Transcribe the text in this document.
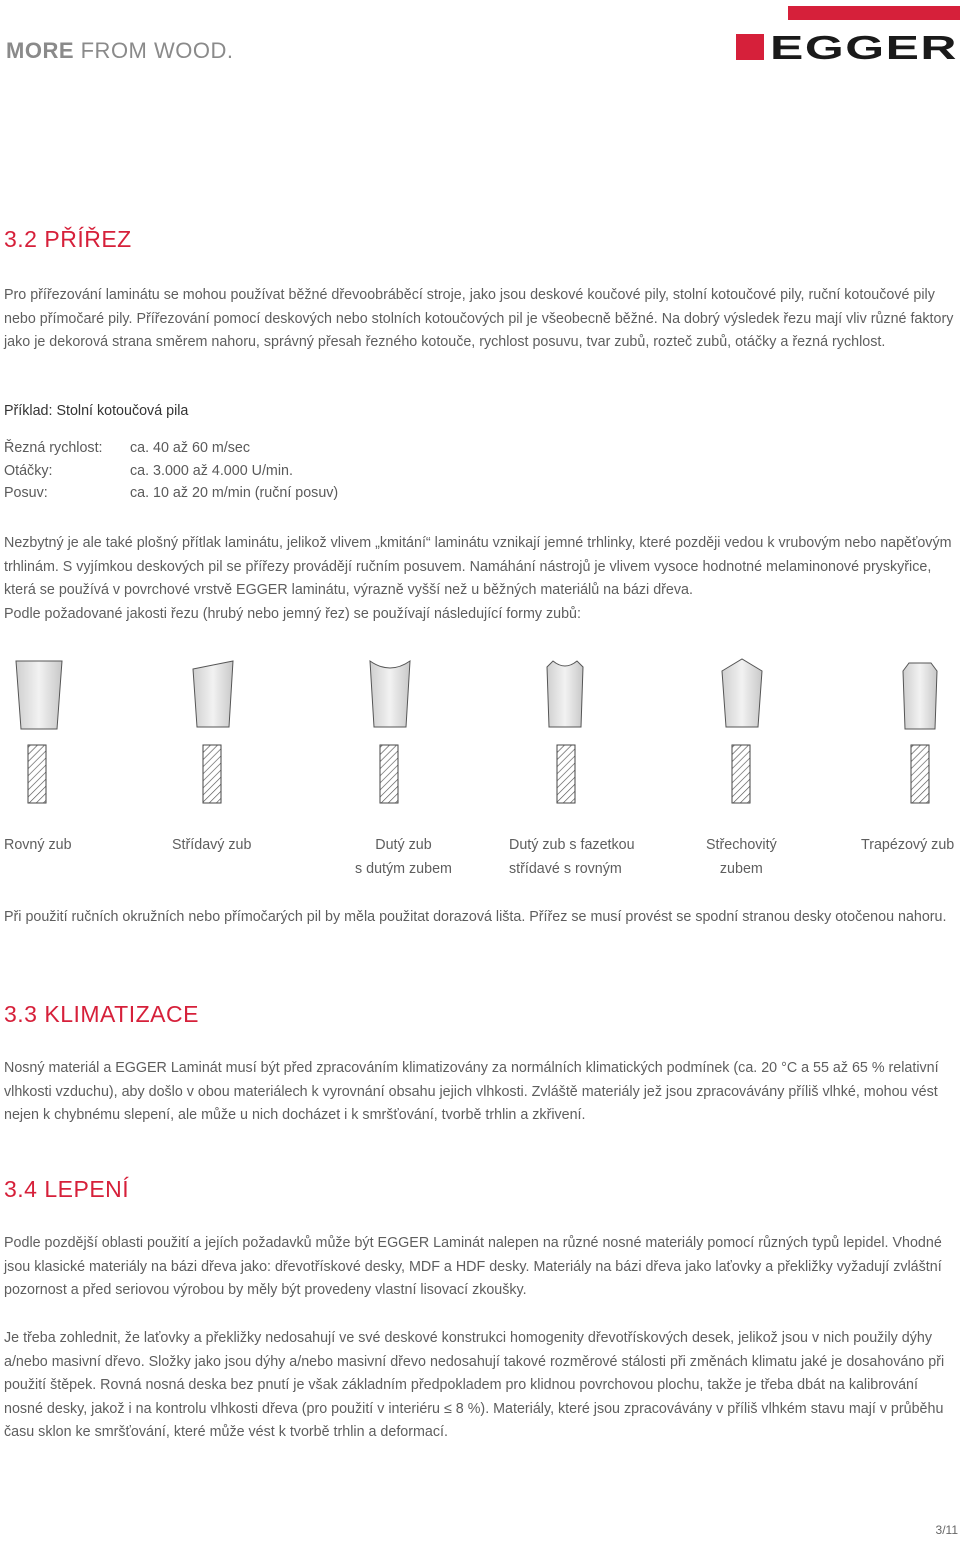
MORE FROM WOOD.	EGGER
3.2 PŘÍŘEZ

Pro přířezování laminátu se mohou používat běžné dřevoobráběcí stroje, jako jsou deskové koučové pily, stolní kotoučové pily, ruční kotoučové pily nebo přímočaré pily. Přířezování pomocí deskových nebo stolních kotoučových pil je všeobecně běžné. Na dobrý výsledek řezu mají vliv různé faktory jako je dekorová strana směrem nahoru, správný přesah řezného kotouče, rychlost posuvu, tvar zubů, rozteč zubů, otáčky a řezná rychlost.

Příklad: Stolní kotoučová pila
Řezná rychlost: ca. 40 až 60 m/sec
Otáčky:	ca. 3.000 až 4.000 U/min.
Posuv:	ca. 10 až 20 m/min (ruční posuv)

Nezbytný je ale také plošný přítlak laminátu, jelikož vlivem „kmitání“ laminátu vznikají jemné trhlinky, které později vedou k vrubovým nebo napěťovým trhlinám. S vyjímkou deskových pil se přířezy provádějí ručním posuvem. Namáhání nástrojů je vlivem vysoce hodnotné melaminonové pryskyřice, která se používá v povrchové vrstvě EGGER laminátu, výrazně vyšší než u běžných materiálů na bázi dřeva.

Podle požadované jakosti řezu (hrubý nebo jemný řez) se používají následující formy zubů:

Rovný zub	Střídavý zub	Dutý zub
s dutým zubem
Dutý zub s fazetkou
střídavé s rovným
Střechovitý
zubem
Trapézový zub

Při použití ručních okružních nebo přímočarých pil by měla použitat dorazová lišta. Přířez se musí provést se spodní stranou desky otočenou nahoru.

3.3 KLIMATIZACE

Nosný materiál a EGGER Laminát musí být před zpracováním klimatizovány za normálních klimatických podmínek (ca. 20 °C a 55 až 65 % relativní vlhkosti vzduchu), aby došlo v obou materiálech k vyrovnání obsahu jejich vlhkosti. Zvláště materiály jež jsou zpracovávány příliš vlhké, mohou vést nejen k chybnému slepení, ale může u nich docházet i k smršťování, tvorbě trhlin a zkřivení.

3.4 LEPENÍ

Podle pozdější oblasti použití a jejích požadavků může být EGGER Laminát nalepen na různé nosné materiály pomocí různých typů lepidel. Vhodné jsou klasické materiály na bázi dřeva jako: dřevotřískové desky, MDF a HDF desky. Materiály na bázi dřeva jako laťovky a překližky vyžadují zvláštní pozornost a před seriovou výrobou by měly být provedeny vlastní lisovací zkoušky.

Je třeba zohlednit, že laťovky a překližky nedosahují ve své deskové konstrukci homogenity dřevotřískových desek, jelikož jsou v nich použily dýhy a/nebo masivní dřevo. Složky jako jsou dýhy a/nebo masivní dřevo nedosahují takové rozměrové stálosti při změnách klimatu jaké je dosahováno při použití štěpek. Rovná nosná deska bez pnutí je však základním předpokladem pro klidnou povrchovou plochu, takže je třeba dbát na kalibrování nosné desky, jakož i na kontrolu vlhkosti dřeva (pro použití v interiéru ≤ 8 %). Materiály, které jsou zpracovávány v příliš vlhkém stavu mají v průběhu času sklon ke smršťování, které může vést k tvorbě trhlin a deformací.

3/11
